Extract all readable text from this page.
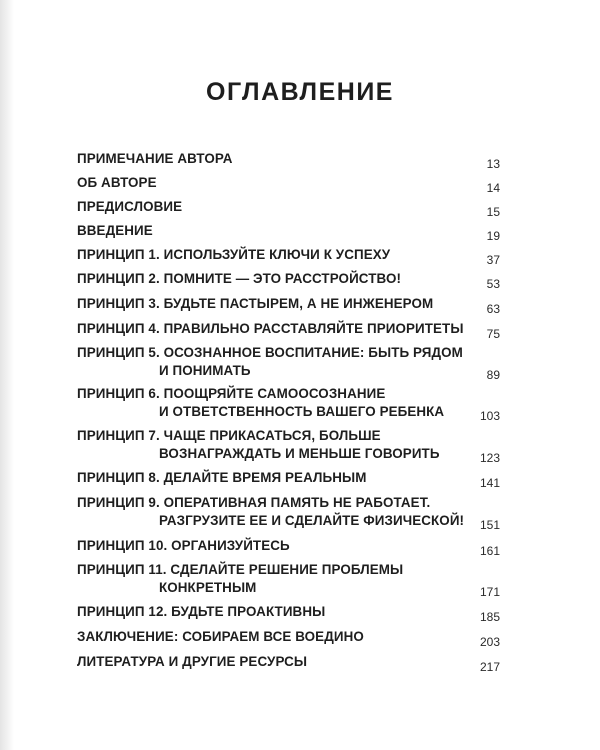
ОГЛАВЛЕНИЕ
ПРИМЕЧАНИЕ АВТОРА	13
ОБ АВТОРЕ	14
ПРЕДИСЛОВИЕ	15
ВВЕДЕНИЕ	19
ПРИНЦИП 1. ИСПОЛЬЗУЙТЕ КЛЮЧИ К УСПЕХУ	37
ПРИНЦИП 2. ПОМНИТЕ — ЭТО РАССТРОЙСТВО!	53
ПРИНЦИП 3. БУДЬТЕ ПАСТЫРЕМ, А НЕ ИНЖЕНЕРОМ	63
ПРИНЦИП 4. ПРАВИЛЬНО РАССТАВЛЯЙТЕ ПРИОРИТЕТЫ	75
ПРИНЦИП 5. ОСОЗНАННОЕ ВОСПИТАНИЕ: БЫТЬ РЯДОМ
И ПОНИМАТЬ	89
ПРИНЦИП 6. ПООЩРЯЙТЕ САМООСОЗНАНИЕ
И ОТВЕТСТВЕННОСТЬ ВАШЕГО РЕБЕНКА	103
ПРИНЦИП 7. ЧАЩЕ ПРИКАСАТЬСЯ, БОЛЬШЕ
ВОЗНАГРАЖДАТЬ И МЕНЬШЕ ГОВОРИТЬ	123
ПРИНЦИП 8. ДЕЛАЙТЕ ВРЕМЯ РЕАЛЬНЫМ	141
ПРИНЦИП 9. ОПЕРАТИВНАЯ ПАМЯТЬ НЕ РАБОТАЕТ.
РАЗГРУЗИТЕ ЕЕ И СДЕЛАЙТЕ ФИЗИЧЕСКОЙ!	151
ПРИНЦИП 10. ОРГАНИЗУЙТЕСЬ	161
ПРИНЦИП 11. СДЕЛАЙТЕ РЕШЕНИЕ ПРОБЛЕМЫ
КОНКРЕТНЫМ	171
ПРИНЦИП 12. БУДЬТЕ ПРОАКТИВНЫ	185
ЗАКЛЮЧЕНИЕ: СОБИРАЕМ ВСЕ ВОЕДИНО	203
ЛИТЕРАТУРА И ДРУГИЕ РЕСУРСЫ	217
